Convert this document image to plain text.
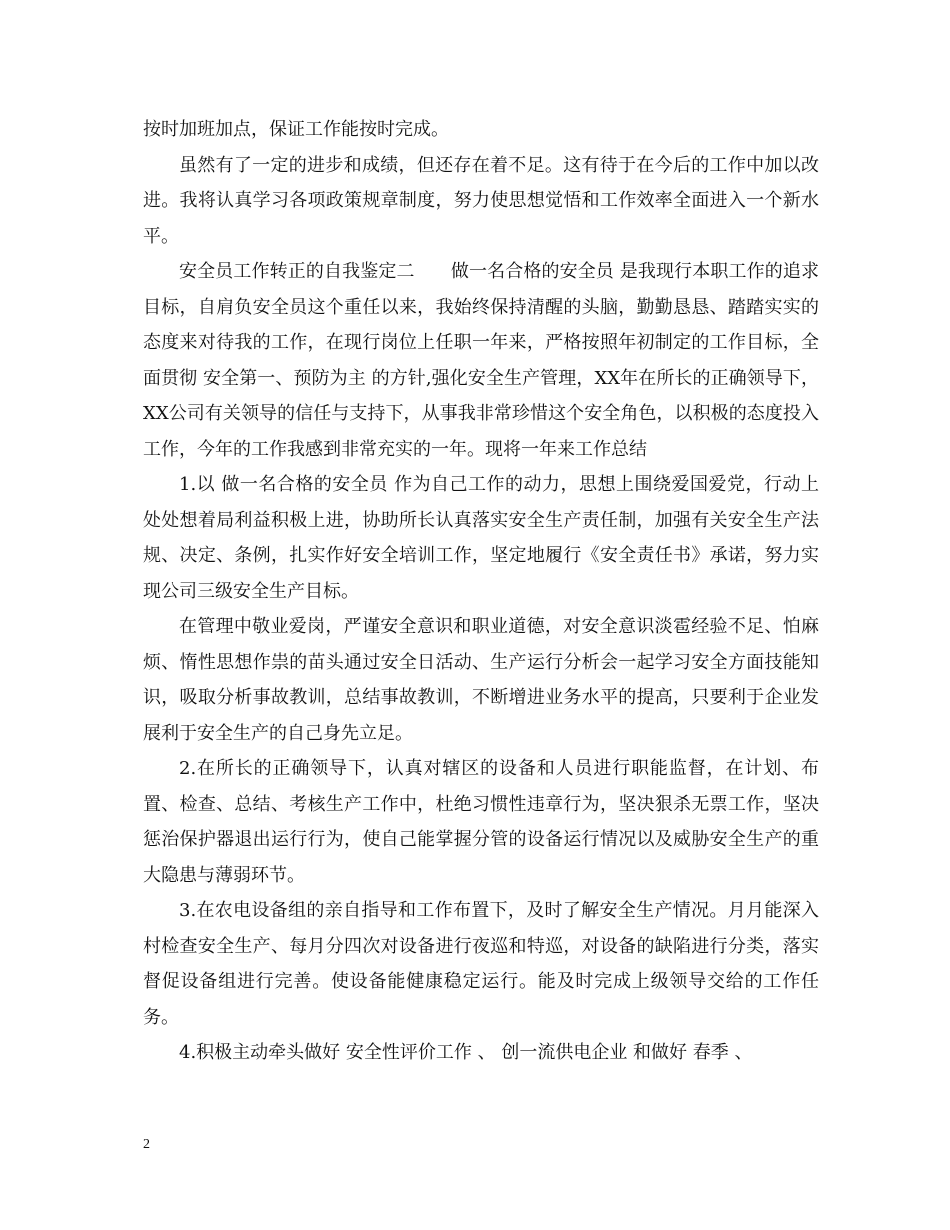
按时加班加点，保证工作能按时完成。

虽然有了一定的进步和成绩，但还存在着不足。这有待于在今后的工作中加以改进。我将认真学习各项政策规章制度，努力使思想觉悟和工作效率全面进入一个新水平。

安全员工作转正的自我鉴定二　　做一名合格的安全员 是我现行本职工作的追求目标，自肩负安全员这个重任以来，我始终保持清醒的头脑，勤勤恳恳、踏踏实实的态度来对待我的工作，在现行岗位上任职一年来，严格按照年初制定的工作目标，全面贯彻 安全第一、预防为主 的方针,强化安全生产管理，XX年在所长的正确领导下，XX公司有关领导的信任与支持下，从事我非常珍惜这个安全角色，以积极的态度投入工作，今年的工作我感到非常充实的一年。现将一年来工作总结

1.以 做一名合格的安全员 作为自己工作的动力，思想上围绕爱国爱党，行动上处处想着局利益积极上进，协助所长认真落实安全生产责任制，加强有关安全生产法规、决定、条例，扎实作好安全培训工作，坚定地履行《安全责任书》承诺，努力实现公司三级安全生产目标。

在管理中敬业爱岗，严谨安全意识和职业道德，对安全意识淡雹经验不足、怕麻烦、惰性思想作祟的苗头通过安全日活动、生产运行分析会一起学习安全方面技能知识，吸取分析事故教训，总结事故教训，不断增进业务水平的提高，只要利于企业发展利于安全生产的自己身先立足。

2.在所长的正确领导下，认真对辖区的设备和人员进行职能监督，在计划、布置、检查、总结、考核生产工作中，杜绝习惯性违章行为，坚决狠杀无票工作，坚决惩治保护器退出运行行为，使自己能掌握分管的设备运行情况以及威胁安全生产的重大隐患与薄弱环节。

3.在农电设备组的亲自指导和工作布置下，及时了解安全生产情况。月月能深入村检查安全生产、每月分四次对设备进行夜巡和特巡，对设备的缺陷进行分类，落实督促设备组进行完善。使设备能健康稳定运行。能及时完成上级领导交给的工作任务。

4.积极主动牵头做好 安全性评价工作 、 创一流供电企业 和做好 春季 、

2
